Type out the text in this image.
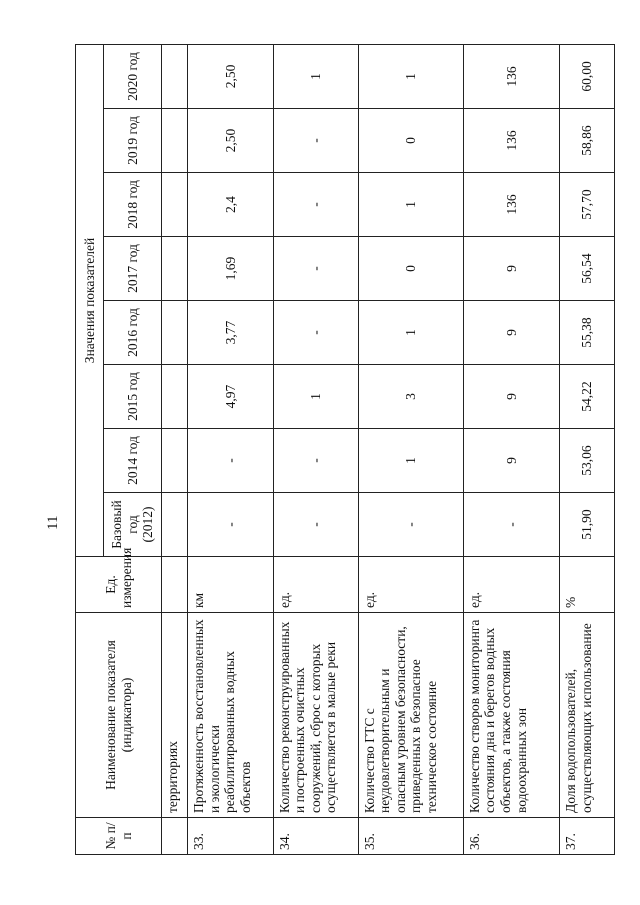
11
№ п/п	Наименование показателя (индикатора)	Ед. измерения	Значения показателей							
			Базовый год (2012)	2014 год	2015 год	2016 год	2017 год	2018 год	2019 год	2020 год
	территориях									
33.	Протяженность восстановленных и экологически реабилитированных водных объектов	км	-	-	4,97	3,77	1,69	2,4	2,50	2,50
34.	Количество реконструированных и построенных очистных сооружений, сброс с которых осуществляется в малые реки	ед.	-	-	1	-	-	-	-	1
35.	Количество ГТС с неудовлетворительным и опасным уровнем безопасности, приведенных в безопасное техническое состояние	ед.	-	1	3	1	0	1	0	1
36.	Количество створов мониторинга состояния дна и берегов водных объектов, а также состояния водоохранных зон	ед.	-	9	9	9	9	136	136	136
37.	Доля водопользователей, осуществляющих использование	%	51,90	53,06	54,22	55,38	56,54	57,70	58,86	60,00
